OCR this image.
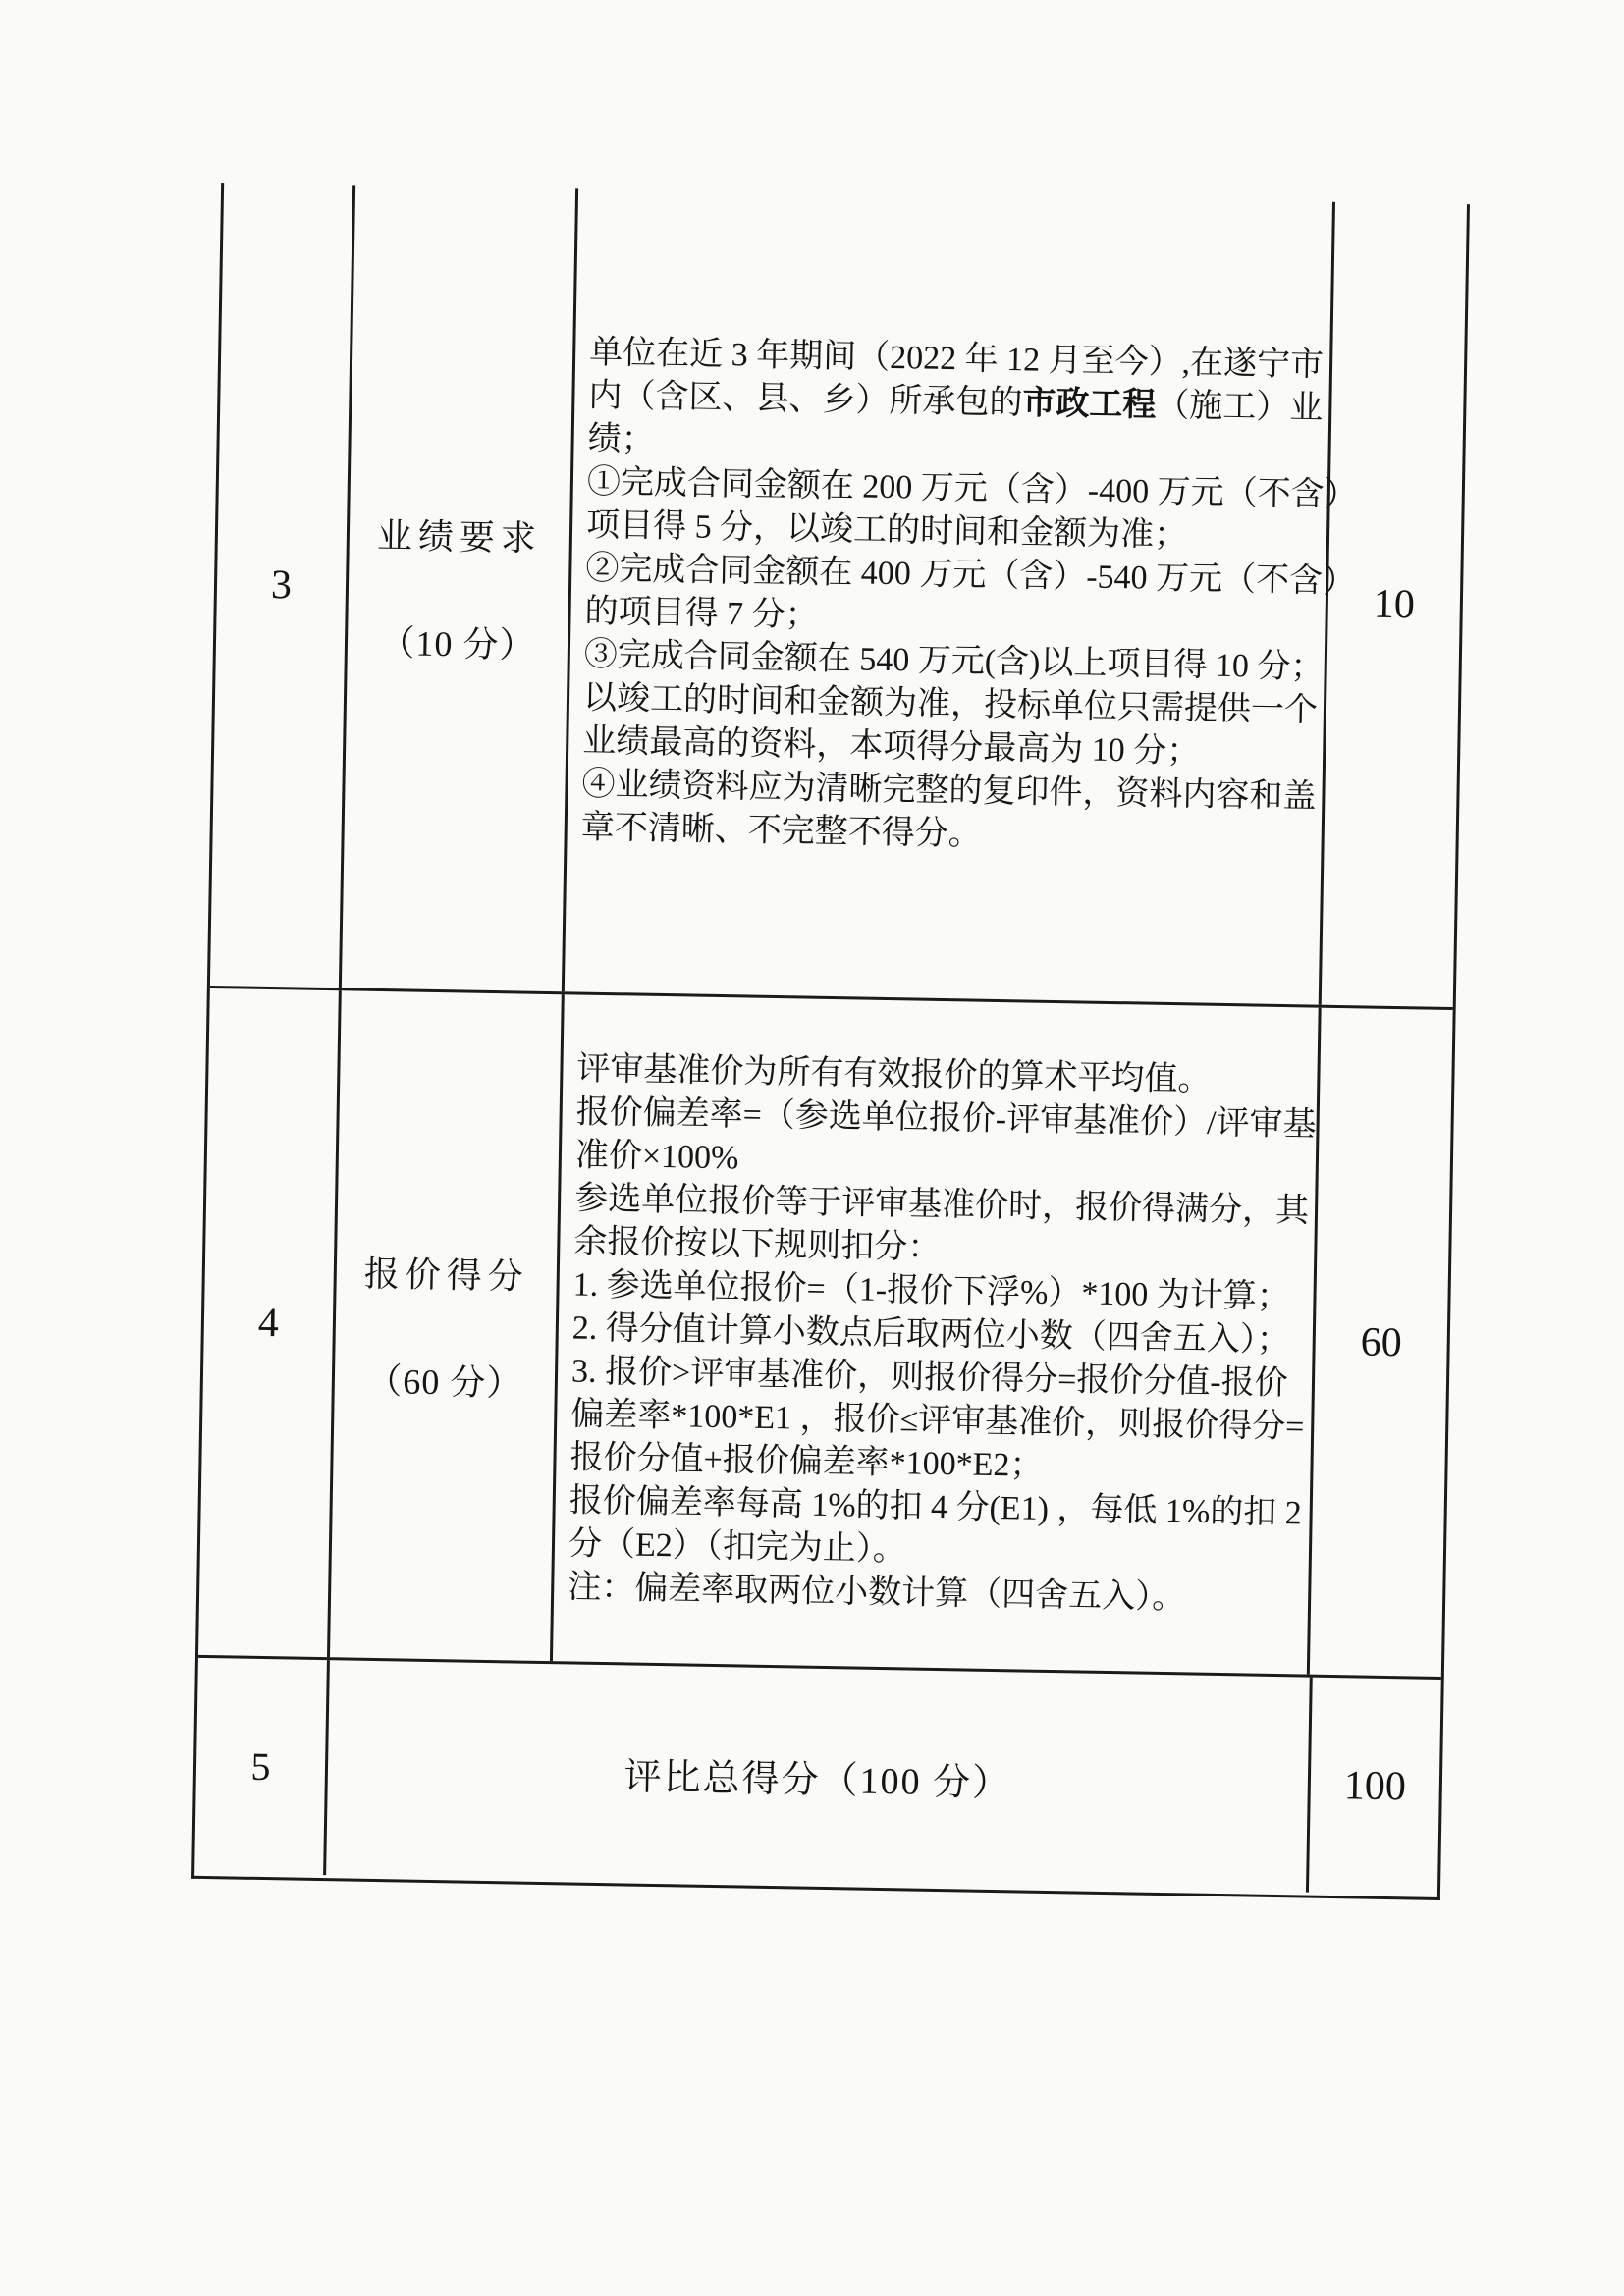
3
业绩要求
（10 分）
单位在近 3 年期间（2022 年 12 月至今）,在遂宁市
内（含区、县、乡）所承包的市政工程（施工）业
绩；
①完成合同金额在 200 万元（含）-400 万元（不含）
项目得 5 分，以竣工的时间和金额为准；
②完成合同金额在 400 万元（含）-540 万元（不含）
的项目得 7 分；
③完成合同金额在 540 万元(含)以上项目得 10 分；
以竣工的时间和金额为准，投标单位只需提供一个
业绩最高的资料，本项得分最高为 10 分；
④业绩资料应为清晰完整的复印件，资料内容和盖
章不清晰、不完整不得分。
10
4
报价得分
（60 分）
评审基准价为所有有效报价的算术平均值。
报价偏差率=（参选单位报价-评审基准价）/评审基
准价×100%
参选单位报价等于评审基准价时，报价得满分，其
余报价按以下规则扣分：
1. 参选单位报价=（1-报价下浮%）*100 为计算；
2. 得分值计算小数点后取两位小数（四舍五入）；
3. 报价>评审基准价，则报价得分=报价分值-报价
偏差率*100*E1 ，报价≤评审基准价，则报价得分=
报价分值+报价偏差率*100*E2；
报价偏差率每高 1%的扣 4 分(E1) ，每低 1%的扣 2
分（E2）（扣完为止）。
注：偏差率取两位小数计算（四舍五入）。
60
5	评比总得分（100 分）	100
